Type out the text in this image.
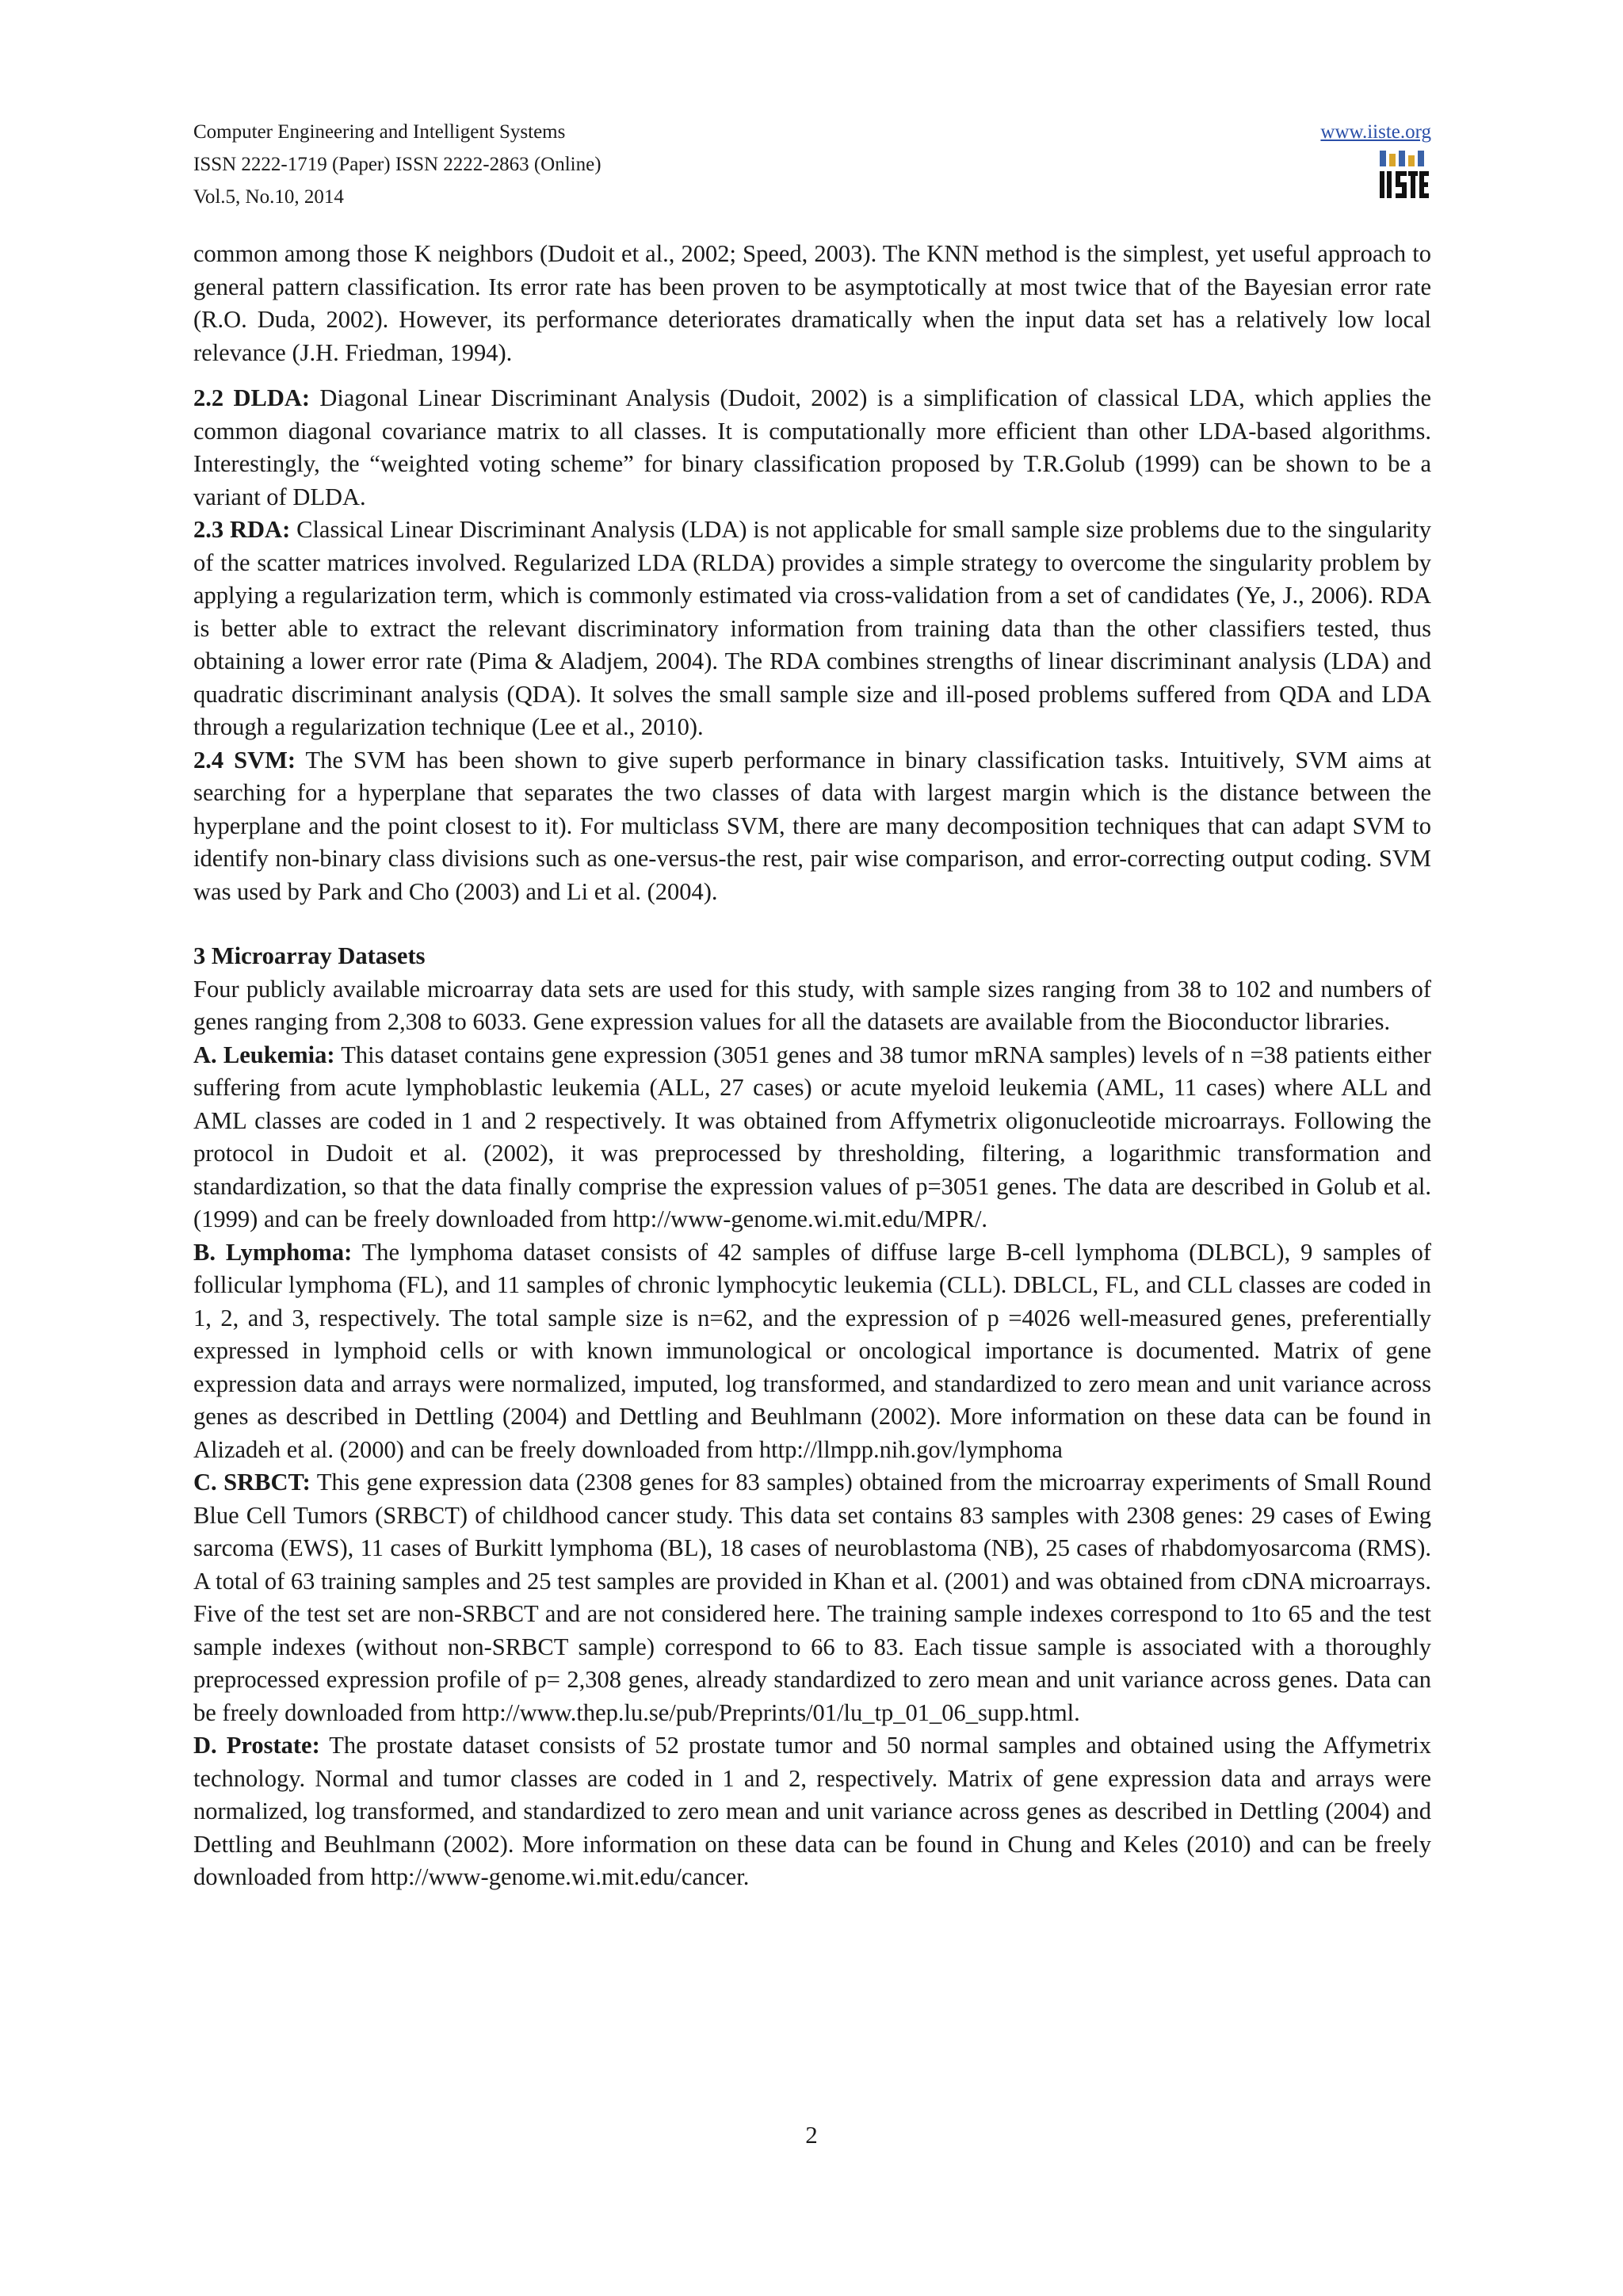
Computer Engineering and Intelligent Systems
ISSN 2222-1719 (Paper) ISSN 2222-2863 (Online)
Vol.5, No.10, 2014
www.iiste.org

common among those K neighbors (Dudoit et al., 2002; Speed, 2003). The KNN method is the simplest, yet useful approach to general pattern classification. Its error rate has been proven to be asymptotically at most twice that of the Bayesian error rate (R.O. Duda, 2002). However, its performance deteriorates dramatically when the input data set has a relatively low local relevance (J.H. Friedman, 1994).

2.2 DLDA: Diagonal Linear Discriminant Analysis (Dudoit, 2002) is a simplification of classical LDA, which applies the common diagonal covariance matrix to all classes. It is computationally more efficient than other LDA-based algorithms. Interestingly, the “weighted voting scheme” for binary classification proposed by T.R.Golub (1999) can be shown to be a variant of DLDA.

2.3 RDA: Classical Linear Discriminant Analysis (LDA) is not applicable for small sample size problems due to the singularity of the scatter matrices involved. Regularized LDA (RLDA) provides a simple strategy to overcome the singularity problem by applying a regularization term, which is commonly estimated via cross-validation from a set of candidates (Ye, J., 2006). RDA is better able to extract the relevant discriminatory information from training data than the other classifiers tested, thus obtaining a lower error rate (Pima & Aladjem, 2004). The RDA combines strengths of linear discriminant analysis (LDA) and quadratic discriminant analysis (QDA). It solves the small sample size and ill-posed problems suffered from QDA and LDA through a regularization technique (Lee et al., 2010).

2.4 SVM: The SVM has been shown to give superb performance in binary classification tasks. Intuitively, SVM aims at searching for a hyperplane that separates the two classes of data with largest margin which is the distance between the hyperplane and the point closest to it). For multiclass SVM, there are many decomposition techniques that can adapt SVM to identify non-binary class divisions such as one-versus-the rest, pair wise comparison, and error-correcting output coding. SVM was used by Park and Cho (2003) and Li et al. (2004).

3 Microarray Datasets

Four publicly available microarray data sets are used for this study, with sample sizes ranging from 38 to 102 and numbers of genes ranging from 2,308 to 6033. Gene expression values for all the datasets are available from the Bioconductor libraries.

A. Leukemia: This dataset contains gene expression (3051 genes and 38 tumor mRNA samples) levels of n =38 patients either suffering from acute lymphoblastic leukemia (ALL, 27 cases) or acute myeloid leukemia (AML, 11 cases) where ALL and AML classes are coded in 1 and 2 respectively. It was obtained from Affymetrix oligonucleotide microarrays. Following the protocol in Dudoit et al. (2002), it was preprocessed by thresholding, filtering, a logarithmic transformation and standardization, so that the data finally comprise the expression values of p=3051 genes. The data are described in Golub et al. (1999) and can be freely downloaded from http://www-genome.wi.mit.edu/MPR/.

B. Lymphoma: The lymphoma dataset consists of 42 samples of diffuse large B-cell lymphoma (DLBCL), 9 samples of follicular lymphoma (FL), and 11 samples of chronic lymphocytic leukemia (CLL). DBLCL, FL, and CLL classes are coded in 1, 2, and 3, respectively. The total sample size is n=62, and the expression of p =4026 well-measured genes, preferentially expressed in lymphoid cells or with known immunological or oncological importance is documented. Matrix of gene expression data and arrays were normalized, imputed, log transformed, and standardized to zero mean and unit variance across genes as described in Dettling (2004) and Dettling and Beuhlmann (2002). More information on these data can be found in Alizadeh et al. (2000) and can be freely downloaded from http://llmpp.nih.gov/lymphoma

C. SRBCT: This gene expression data (2308 genes for 83 samples) obtained from the microarray experiments of Small Round Blue Cell Tumors (SRBCT) of childhood cancer study. This data set contains 83 samples with 2308 genes: 29 cases of Ewing sarcoma (EWS), 11 cases of Burkitt lymphoma (BL), 18 cases of neuroblastoma (NB), 25 cases of rhabdomyosarcoma (RMS). A total of 63 training samples and 25 test samples are provided in Khan et al. (2001) and was obtained from cDNA microarrays. Five of the test set are non-SRBCT and are not considered here. The training sample indexes correspond to 1to 65 and the test sample indexes (without non-SRBCT sample) correspond to 66 to 83. Each tissue sample is associated with a thoroughly preprocessed expression profile of p= 2,308 genes, already standardized to zero mean and unit variance across genes. Data can be freely downloaded from http://www.thep.lu.se/pub/Preprints/01/lu_tp_01_06_supp.html.

D. Prostate: The prostate dataset consists of 52 prostate tumor and 50 normal samples and obtained using the Affymetrix technology. Normal and tumor classes are coded in 1 and 2, respectively. Matrix of gene expression data and arrays were normalized, log transformed, and standardized to zero mean and unit variance across genes as described in Dettling (2004) and Dettling and Beuhlmann (2002). More information on these data can be found in Chung and Keles (2010) and can be freely downloaded from http://www-genome.wi.mit.edu/cancer.

2
